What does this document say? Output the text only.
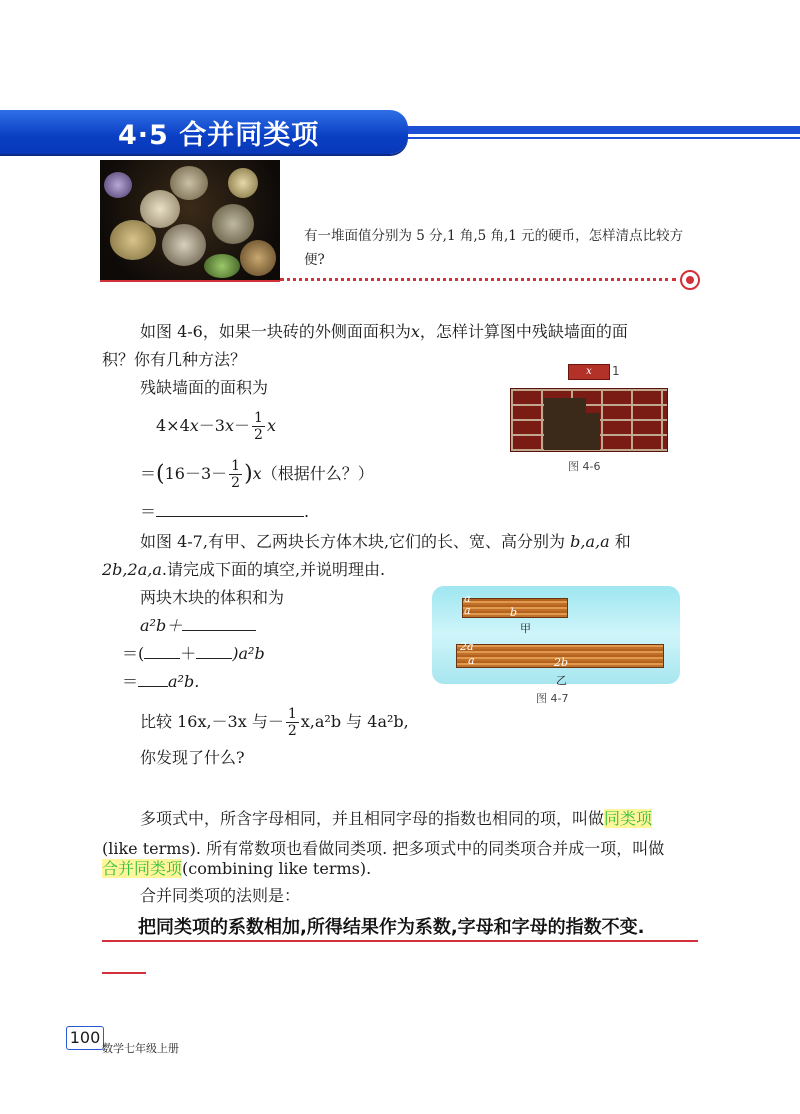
4·5 合并同类项
有一堆面值分别为 5 分,1 角,5 角,1 元的硬币，怎样清点比较方便?
如图 4-6，如果一块砖的外侧面面积为x，怎样计算图中残缺墙面的面
积？你有几种方法？
残缺墙面的面积为
$4\times 4x-3x- \frac{1}{2}$ x
$=(16-3- \frac{1}{2} )x$（根据什么？）
＝	.
x	1
图 4-6
如图 4-7,有甲、乙两块长方体木块,它们的长、宽、高分别为 b,a,a 和
2b,2a,a.请完成下面的填空,并说明理由.
两块木块的体积和为
a²b＋
＝( ＋ )a²b
＝ a²b.
比较 16x,－3x 与－ $\frac{1}{2} x,a^2b$ 与 4a²b,
你发现了什么?
a
a	b
甲
2a
a	2b
乙
图 4-7
多项式中，所含字母相同，并且相同字母的指数也相同的项，叫做同类项
(like terms). 所有常数项也看做同类项. 把多项式中的同类项合并成一项，叫做
合并同类项(combining like terms).
合并同类项的法则是：
把同类项的系数相加,所得结果作为系数,字母和字母的指数不变.
100
数学七年级上册
